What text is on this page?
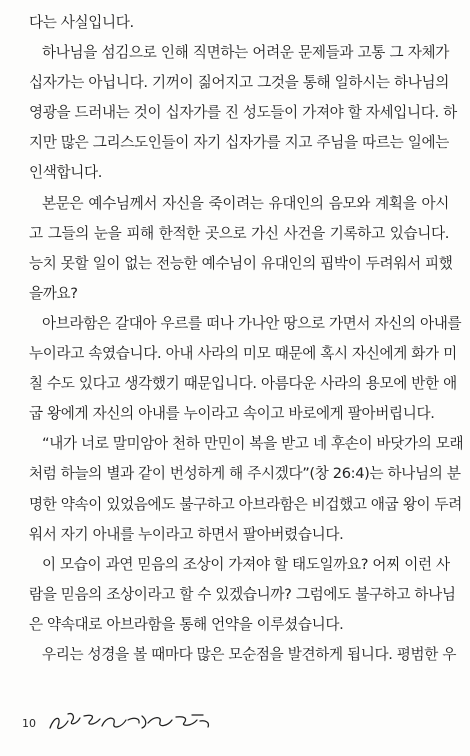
다는 사실입니다.
하나님을 섬김으로 인해 직면하는 어려운 문제들과 고통 그 자체가
십자가는 아닙니다. 기꺼이 짊어지고 그것을 통해 일하시는 하나님의
영광을 드러내는 것이 십자가를 진 성도들이 가져야 할 자세입니다. 하
지만 많은 그리스도인들이 자기 십자가를 지고 주님을 따르는 일에는
인색합니다.
본문은 예수님께서 자신을 죽이려는 유대인의 음모와 계획을 아시
고 그들의 눈을 피해 한적한 곳으로 가신 사건을 기록하고 있습니다.
능치 못할 일이 없는 전능한 예수님이 유대인의 핍박이 두려워서 피했
을까요?
아브라함은 갈대아 우르를 떠나 가나안 땅으로 가면서 자신의 아내를
누이라고 속였습니다. 아내 사라의 미모 때문에 혹시 자신에게 화가 미
칠 수도 있다고 생각했기 때문입니다. 아름다운 사라의 용모에 반한 애
굽 왕에게 자신의 아내를 누이라고 속이고 바로에게 팔아버립니다.
“내가 너로 말미암아 천하 만민이 복을 받고 네 후손이 바닷가의 모래
처럼 하늘의 별과 같이 번성하게 해 주시겠다”(창 26:4)는 하나님의 분
명한 약속이 있었음에도 불구하고 아브라함은 비겁했고 애굽 왕이 두려
워서 자기 아내를 누이라고 하면서 팔아버렸습니다.
이 모습이 과연 믿음의 조상이 가져야 할 태도일까요? 어찌 이런 사
람을 믿음의 조상이라고 할 수 있겠습니까? 그럼에도 불구하고 하나님
은 약속대로 아브라함을 통해 언약을 이루셨습니다.
우리는 성경을 볼 때마다 많은 모순점을 발견하게 됩니다. 평범한 우
10
